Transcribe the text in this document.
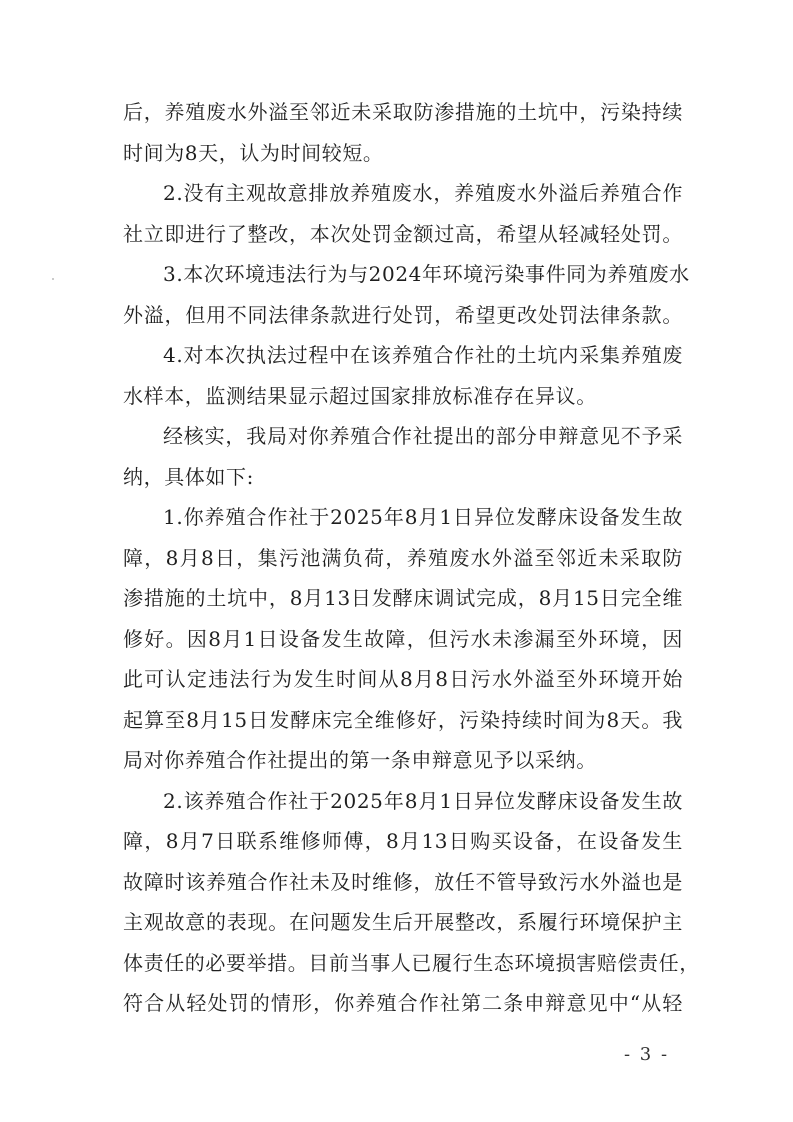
后，养殖废水外溢至邻近未采取防渗措施的土坑中，污染持续
时间为8天，认为时间较短。
2.没有主观故意排放养殖废水，养殖废水外溢后养殖合作
社立即进行了整改，本次处罚金额过高，希望从轻减轻处罚。
3.本次环境违法行为与2024年环境污染事件同为养殖废水
外溢，但用不同法律条款进行处罚，希望更改处罚法律条款。
4.对本次执法过程中在该养殖合作社的土坑内采集养殖废
水样本，监测结果显示超过国家排放标准存在异议。
经核实，我局对你养殖合作社提出的部分申辩意见不予采
纳，具体如下:
1.你养殖合作社于2025年8月1日异位发酵床设备发生故
障，8月8日，集污池满负荷，养殖废水外溢至邻近未采取防
渗措施的土坑中，8月13日发酵床调试完成，8月15日完全维
修好。因8月1日设备发生故障，但污水未渗漏至外环境，因
此可认定违法行为发生时间从8月8日污水外溢至外环境开始
起算至8月15日发酵床完全维修好，污染持续时间为8天。我
局对你养殖合作社提出的第一条申辩意见予以采纳。
2.该养殖合作社于2025年8月1日异位发酵床设备发生故
障，8月7日联系维修师傅，8月13日购买设备，在设备发生
故障时该养殖合作社未及时维修，放任不管导致污水外溢也是
主观故意的表现。在问题发生后开展整改，系履行环境保护主
体责任的必要举措。目前当事人已履行生态环境损害赔偿责任，
符合从轻处罚的情形，你养殖合作社第二条申辩意见中“从轻
- 3 -
